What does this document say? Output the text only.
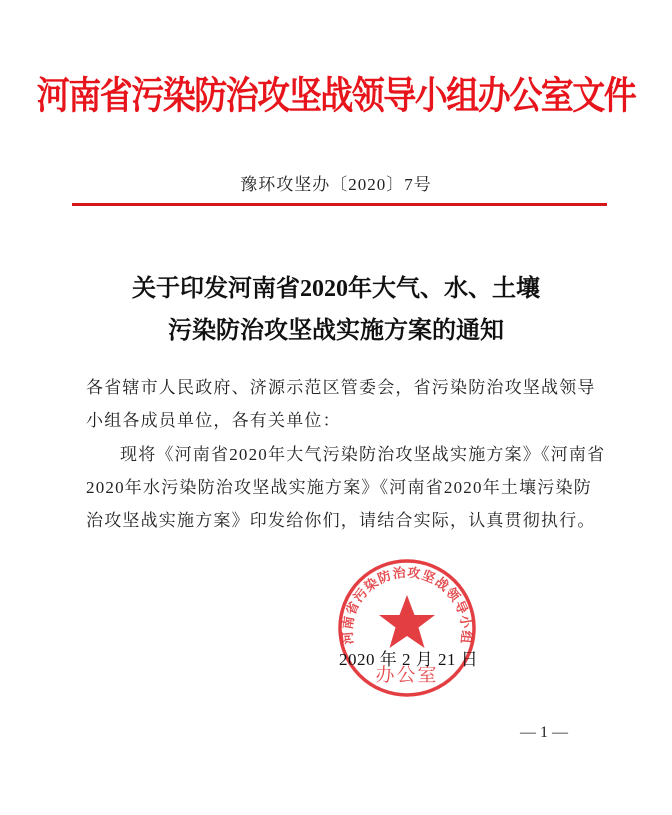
河南省污染防治攻坚战领导小组办公室文件
豫环攻坚办〔2020〕7号
关于印发河南省2020年大气、水、土壤
污染防治攻坚战实施方案的通知
各省辖市人民政府、济源示范区管委会，省污染防治攻坚战领导小组各成员单位，各有关单位：
现将《河南省2020年大气污染防治攻坚战实施方案》《河南省2020年水污染防治攻坚战实施方案》《河南省2020年土壤污染防治攻坚战实施方案》印发给你们，请结合实际，认真贯彻执行。
河南省污染防治攻坚战领导小组
办公室
2020 年 2 月 21 日
— 1 —
